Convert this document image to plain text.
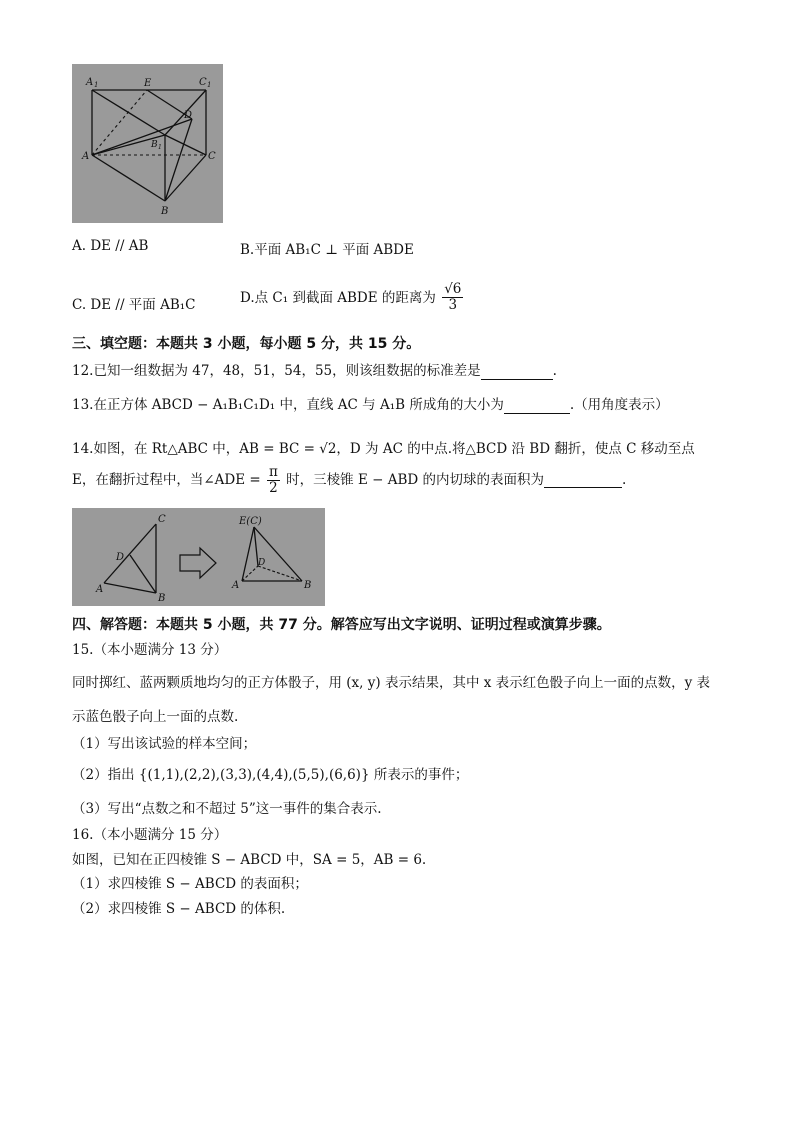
A 1	E	C 1
D
B 1
A	C
B
A. DE // AB	B.平面 AB₁C ⊥ 平面 ABDE
C. DE // 平面 AB₁C	D.点 C₁ 到截面 ABDE 的距离为 $\frac{√6}{3}$
三、填空题：本题共 3 小题，每小题 5 分，共 15 分。
12.已知一组数据为 47，48，51，54，55，则该组数据的标准差是	.
13.在正方体 ABCD − A₁B₁C₁D₁ 中，直线 AC 与 A₁B 所成角的大小为	.（用角度表示）
14.如图，在 Rt△ABC 中，AB = BC = √2，D 为 AC 的中点.将△BCD 沿 BD 翻折，使点 C 移动至点
E，在翻折过程中，当∠ADE = $\frac{\pi}{2}$ 时，三棱锥 E − ABD 的内切球的表面积为	.
C
D
A
B
E(C)
D
A	B
四、解答题：本题共 5 小题，共 77 分。解答应写出文字说明、证明过程或演算步骤。
15.（本小题满分 13 分）
同时掷红、蓝两颗质地均匀的正方体骰子，用 (x, y) 表示结果，其中 x 表示红色骰子向上一面的点数，y 表
示蓝色骰子向上一面的点数.
（1）写出该试验的样本空间；
（2）指出 {(1,1),(2,2),(3,3),(4,4),(5,5),(6,6)} 所表示的事件；
（3）写出“点数之和不超过 5”这一事件的集合表示.
16.（本小题满分 15 分）
如图，已知在正四棱锥 S − ABCD 中，SA = 5，AB = 6.
（1）求四棱锥 S − ABCD 的表面积；
（2）求四棱锥 S − ABCD 的体积.
